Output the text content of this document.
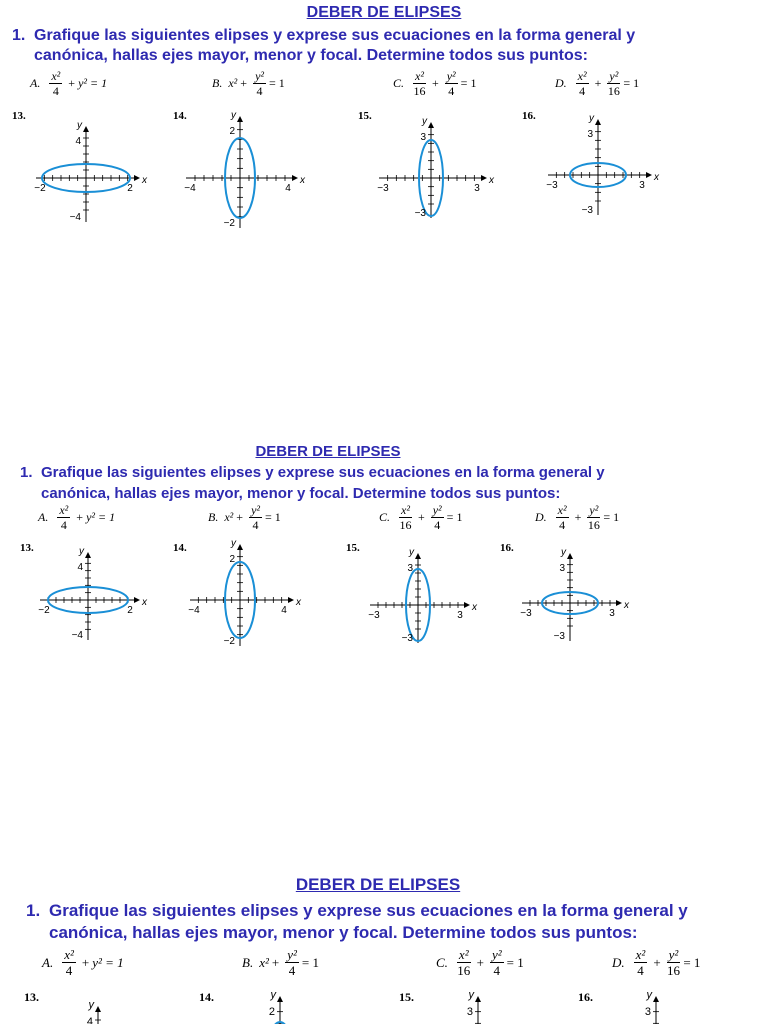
DEBER DE ELIPSES
1. Grafique las siguientes elipses y exprese sus ecuaciones en la forma general y
canónica, hallas ejes mayor, menor y focal. Determine todos sus puntos:
A. $\frac{\text{x²}}{4} + y^2 = 1$	B. $x^2 + \frac{\text{y²}}{4} = 1$	C. $\frac{\text{x²}}{16} + \frac{\text{y²}}{4} = 1$	D. $\frac{\text{x²}}{4} + \frac{\text{y²}}{16} = 1$
13.	14.	15.	16.
y
x
4
2
−2
−4
y
x
2
4
−4
−2
y
x
3
3
−3
−3
y
x
3
3
−3
−3
DEBER DE ELIPSES
1. Grafique las siguientes elipses y exprese sus ecuaciones en la forma general y
canónica, hallas ejes mayor, menor y focal. Determine todos sus puntos:
A. $\frac{\text{x²}}{4} + y^2 = 1$	B. $x^2 + \frac{\text{y²}}{4} = 1$	C. $\frac{\text{x²}}{16} + \frac{\text{y²}}{4} = 1$	D. $\frac{\text{x²}}{4} + \frac{\text{y²}}{16} = 1$
13.	14.	15.	16.
y
x
4
2
−2
−4
y
x
2
4
−4
−2
y
x
3
3
−3
−3
y
x
3
3
−3
−3
DEBER DE ELIPSES
1. Grafique las siguientes elipses y exprese sus ecuaciones en la forma general y
canónica, hallas ejes mayor, menor y focal. Determine todos sus puntos:
A. $\frac{\text{x²}}{4} + y^2 = 1$	B. $x^2 + \frac{\text{y²}}{4} = 1$	C. $\frac{\text{x²}}{16} + \frac{\text{y²}}{4} = 1$	D. $\frac{\text{x²}}{4} + \frac{\text{y²}}{16} = 1$
13.	14.	15.	16.
y
4
y
2
y
3
y
3
